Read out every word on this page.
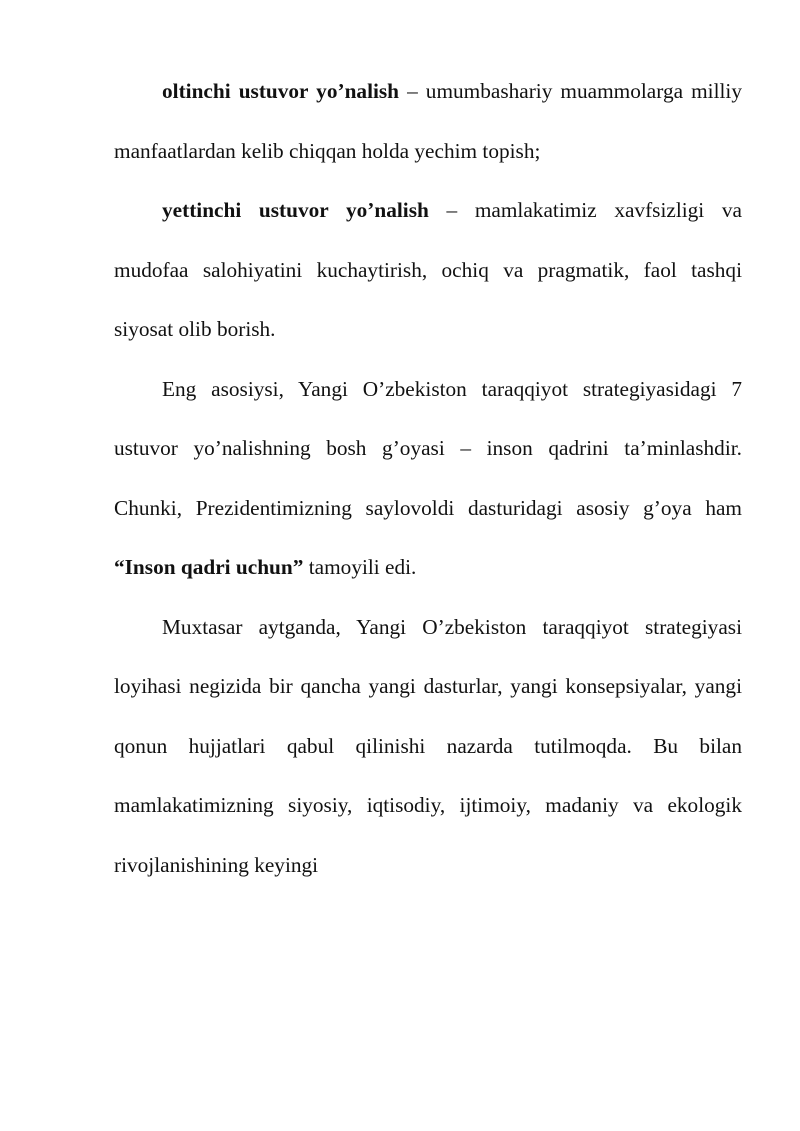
oltinchi ustuvor yo’nalish – umumbashariy muammolarga milliy manfaatlardan kelib chiqqan holda yechim topish;

yettinchi ustuvor yo’nalish – mamlakatimiz xavfsizligi va mudofaa salohiyatini kuchaytirish, ochiq va pragmatik, faol tashqi siyosat olib borish.

Eng asosiysi, Yangi O’zbekiston taraqqiyot strategiyasidagi 7 ustuvor yo’nalishning bosh g’oyasi – inson qadrini ta’minlashdir. Chunki, Prezidentimizning saylovoldi dasturidagi asosiy g’oya ham “Inson qadri uchun” tamoyili edi.

Muxtasar aytganda, Yangi O’zbekiston taraqqiyot strategiyasi loyihasi negizida bir qancha yangi dasturlar, yangi konsepsiyalar, yangi qonun hujjatlari qabul qilinishi nazarda tutilmoqda. Bu bilan mamlakatimizning siyosiy, iqtisodiy, ijtimoiy, madaniy va ekologik rivojlanishining keyingi
